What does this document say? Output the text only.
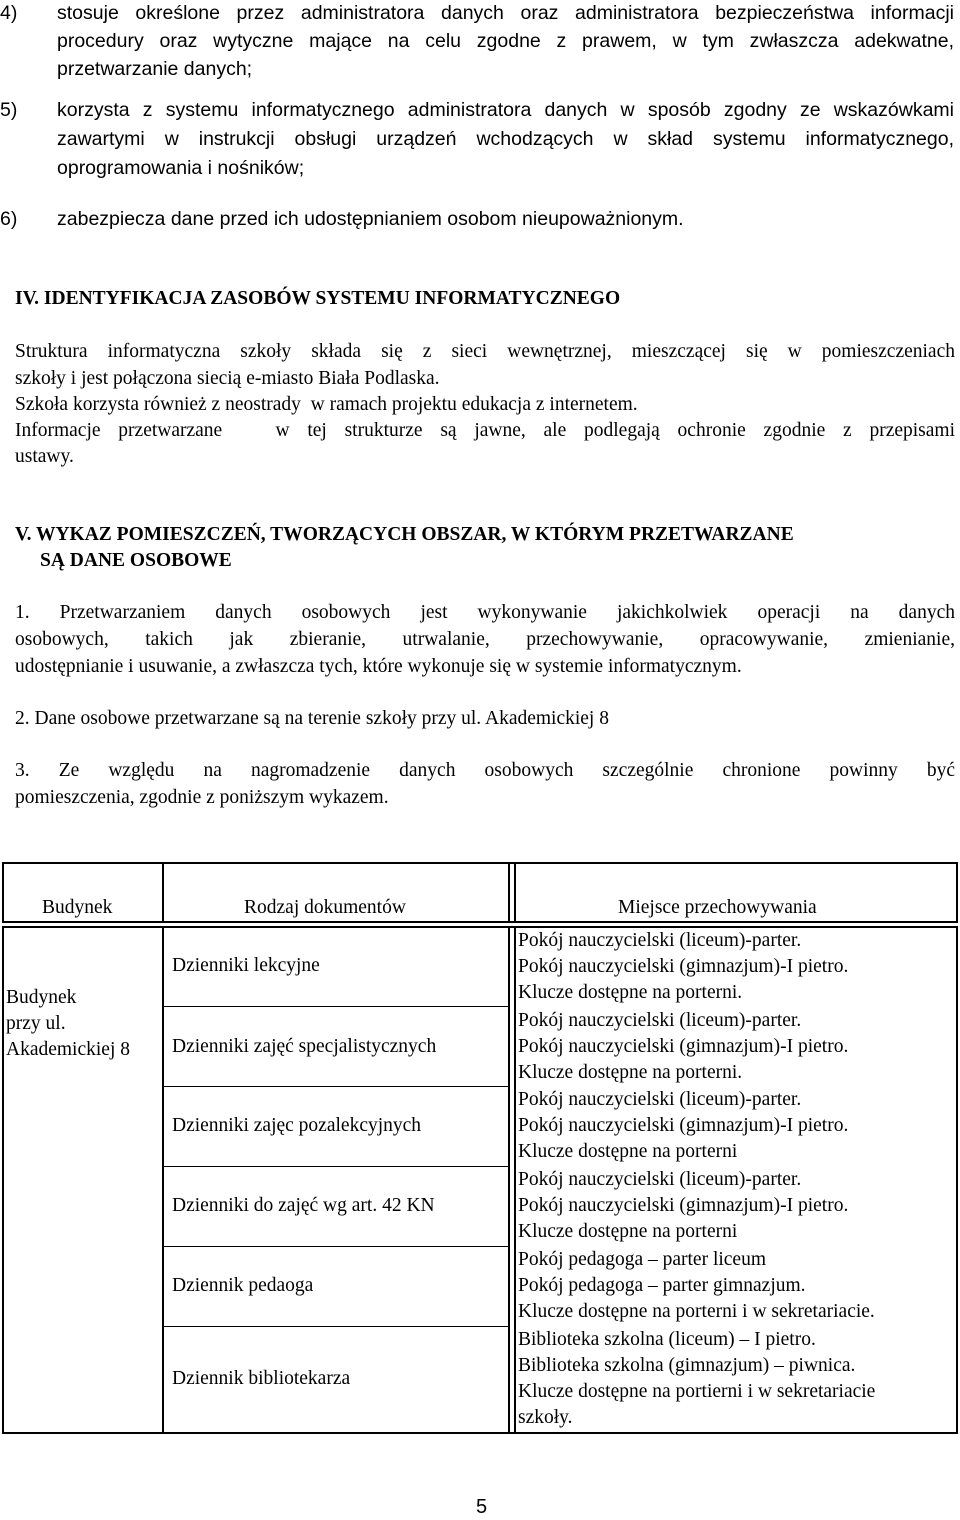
4) stosuje określone przez administratora danych oraz administratora bezpieczeństwa informacji
procedury oraz wytyczne mające na celu zgodne z prawem, w tym zwłaszcza adekwatne,
przetwarzanie danych;
5) korzysta z systemu informatycznego administratora danych w sposób zgodny ze wskazówkami
zawartymi w instrukcji obsługi urządzeń wchodzących w skład systemu informatycznego,
oprogramowania i nośników;
6) zabezpiecza dane przed ich udostępnianiem osobom nieupoważnionym.
IV. IDENTYFIKACJA ZASOBÓW SYSTEMU INFORMATYCZNEGO
Struktura informatyczna szkoły składa się z sieci wewnętrznej, mieszczącej się w pomieszczeniach
szkoły i jest połączona siecią e-miasto Biała Podlaska.
Szkoła korzysta również z neostrady  w ramach projektu edukacja z internetem.
Informacje przetwarzane   w tej strukturze są jawne, ale podlegają ochronie zgodnie z przepisami
ustawy.
V. WYKAZ POMIESZCZEŃ, TWORZĄCYCH OBSZAR, W KTÓRYM PRZETWARZANE
SĄ DANE OSOBOWE
1. Przetwarzaniem danych osobowych jest wykonywanie jakichkolwiek operacji na danych
osobowych, takich jak zbieranie, utrwalanie, przechowywanie, opracowywanie, zmienianie,
udostępnianie i usuwanie, a zwłaszcza tych, które wykonuje się w systemie informatycznym.
2. Dane osobowe przetwarzane są na terenie szkoły przy ul. Akademickiej 8
3. Ze względu na nagromadzenie danych osobowych szczególnie chronione powinny być
pomieszczenia, zgodnie z poniższym wykazem.
Budynek	Rodzaj dokumentów	Miejsce przechowywania
Budynek
przy ul.
Akademickiej 8
Dzienniki lekcyjne
Dzienniki zajęć specjalistycznych
Dzienniki zajęc pozalekcyjnych
Dzienniki do zajęć wg art. 42 KN
Dziennik pedaoga
Dziennik bibliotekarza
Pokój nauczycielski (liceum)-parter.
Pokój nauczycielski (gimnazjum)-I pietro.
Klucze dostępne na porterni.
Pokój nauczycielski (liceum)-parter.
Pokój nauczycielski (gimnazjum)-I pietro.
Klucze dostępne na porterni.
Pokój nauczycielski (liceum)-parter.
Pokój nauczycielski (gimnazjum)-I pietro.
Klucze dostępne na porterni
Pokój nauczycielski (liceum)-parter.
Pokój nauczycielski (gimnazjum)-I pietro.
Klucze dostępne na porterni
Pokój pedagoga – parter liceum
Pokój pedagoga – parter gimnazjum.
Klucze dostępne na porterni i w sekretariacie.
Biblioteka szkolna (liceum) – I pietro.
Biblioteka szkolna (gimnazjum) – piwnica.
Klucze dostępne na portierni i w sekretariacie
szkoły.
5
